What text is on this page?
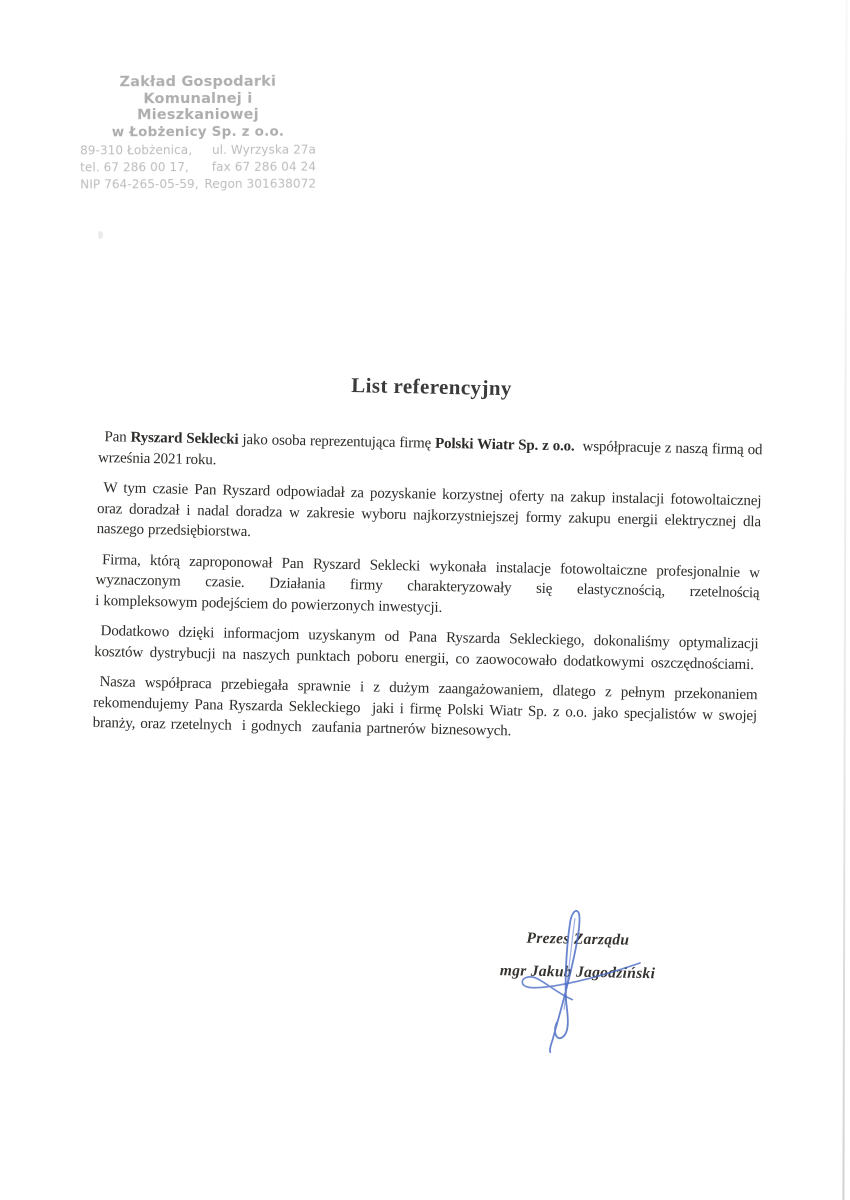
Zakład Gospodarki
Komunalnej i Mieszkaniowej
w Łobżenicy Sp. z o.o.
89-310 Łobżenica, ul. Wyrzyska 27a
tel. 67 286 00 17, fax 67 286 04 24
NIP 764-265-05-59, Regon 301638072
List referencyjny

Pan Ryszard Seklecki jako osoba reprezentująca firmę Polski Wiatr Sp. z o.o.  współpracuje z naszą firmą od września 2021 roku.

W tym czasie Pan Ryszard odpowiadał za pozyskanie korzystnej oferty na zakup instalacji fotowoltaicznej oraz doradzał i nadal doradza w zakresie wyboru najkorzystniejszej formy zakupu energii elektrycznej dla naszego przedsiębiorstwa.

Firma, którą zaproponował Pan Ryszard Seklecki wykonała instalacje fotowoltaiczne profesjonalnie w wyznaczonym czasie. Działania firmy charakteryzowały się elastycznością, rzetelnością i kompleksowym podejściem do powierzonych inwestycji.

Dodatkowo dzięki informacjom uzyskanym od Pana Ryszarda Sekleckiego, dokonaliśmy optymalizacji kosztów dystrybucji na naszych punktach poboru energii, co zaowocowało dodatkowymi oszczędnościami.

Nasza współpraca przebiegała sprawnie i z dużym zaangażowaniem, dlatego z pełnym przekonaniem rekomendujemy Pana Ryszarda Sekleckiego  jaki i firmę Polski Wiatr Sp. z o.o. jako specjalistów w swojej branży, oraz rzetelnych  i godnych  zaufania partnerów biznesowych.

Prezes Zarządu
mgr Jakub Jagodziński
